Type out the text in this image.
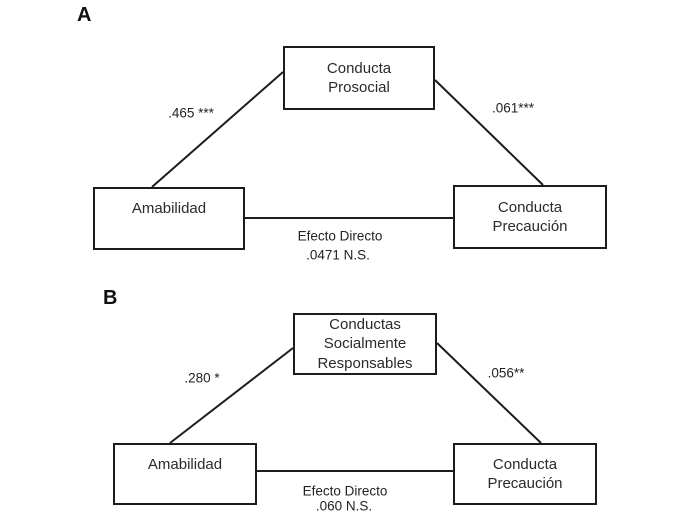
A
Conducta
Prosocial
Amabilidad	Conducta
Precaución
.465 ***	.061***
Efecto Directo
.0471 N.S.
B
Conductas
Socialmente
Responsables
Amabilidad	Conducta
Precaución
.280 *	.056**
Efecto Directo
.060 N.S.
